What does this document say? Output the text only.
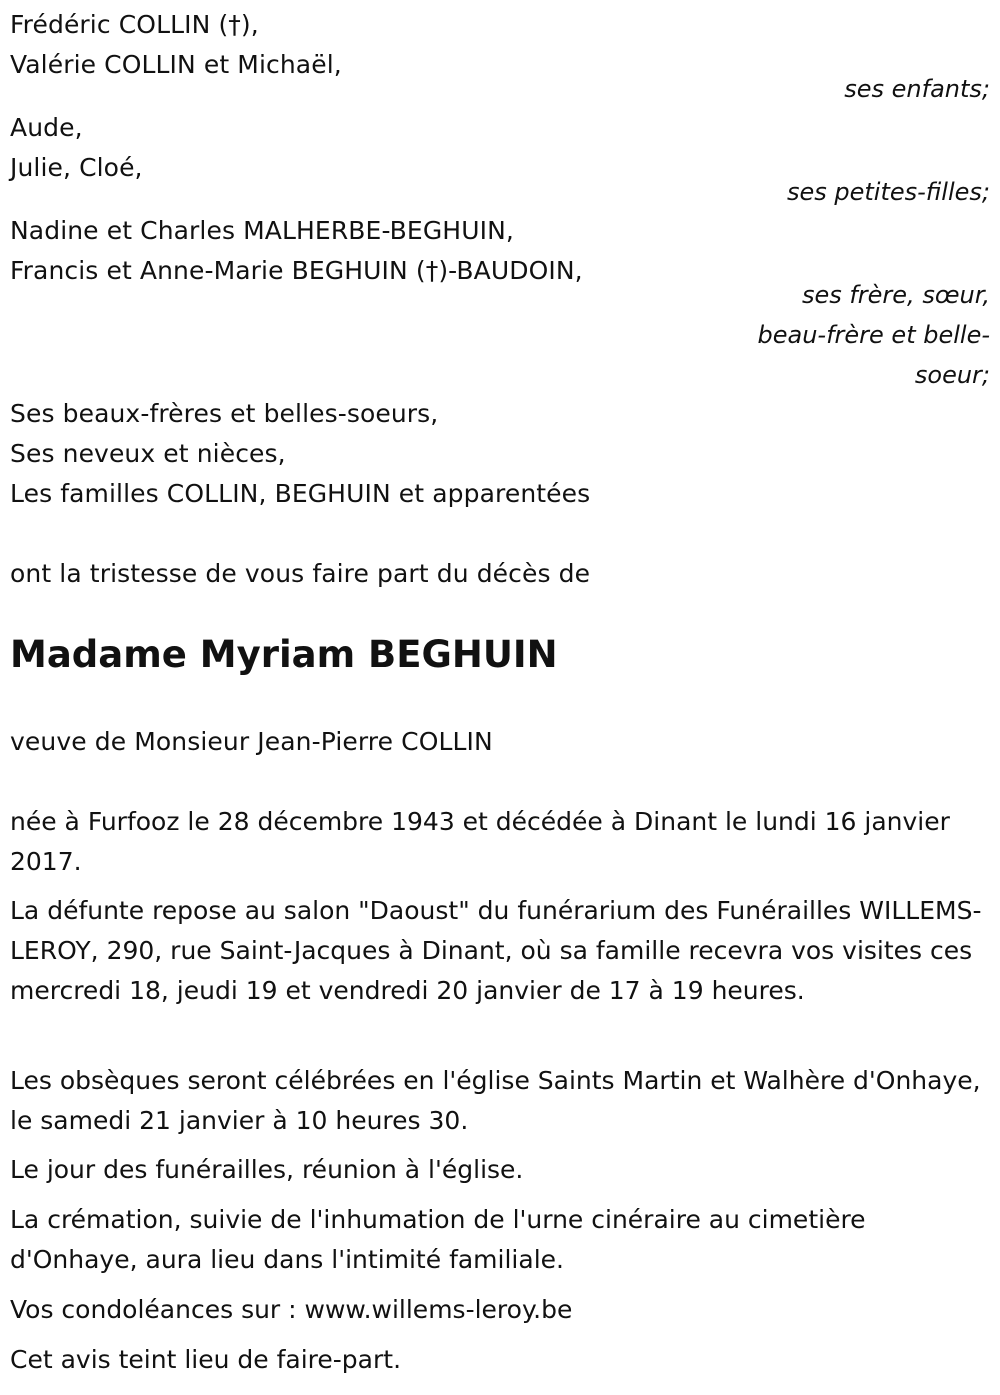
Frédéric COLLIN (†),
Valérie COLLIN et Michaël,
ses enfants;
Aude,
Julie, Cloé,
ses petites-filles;
Nadine et Charles MALHERBE-BEGHUIN,
Francis et Anne-Marie BEGHUIN (†)-BAUDOIN,
ses frère, sœur,
beau-frère et belle-
soeur;
Ses beaux-frères et belles-soeurs,
Ses neveux et nièces,
Les familles COLLIN, BEGHUIN et apparentées
ont la tristesse de vous faire part du décès de
Madame Myriam BEGHUIN
veuve de Monsieur Jean-Pierre COLLIN
née à Furfooz le 28 décembre 1943 et décédée à Dinant le lundi 16 janvier 2017.
La défunte repose au salon "Daoust" du funérarium des Funérailles WILLEMS-LEROY, 290, rue Saint-Jacques à Dinant, où sa famille recevra vos visites ces mercredi 18, jeudi 19 et vendredi 20 janvier de 17 à 19 heures.
Les obsèques seront célébrées en l'église Saints Martin et Walhère d'Onhaye, le samedi 21 janvier à 10 heures 30.
Le jour des funérailles, réunion à l'église.
La crémation, suivie de l'inhumation de l'urne cinéraire au cimetière d'Onhaye, aura lieu dans l'intimité familiale.
Vos condoléances sur : www.willems-leroy.be
Cet avis teint lieu de faire-part.
